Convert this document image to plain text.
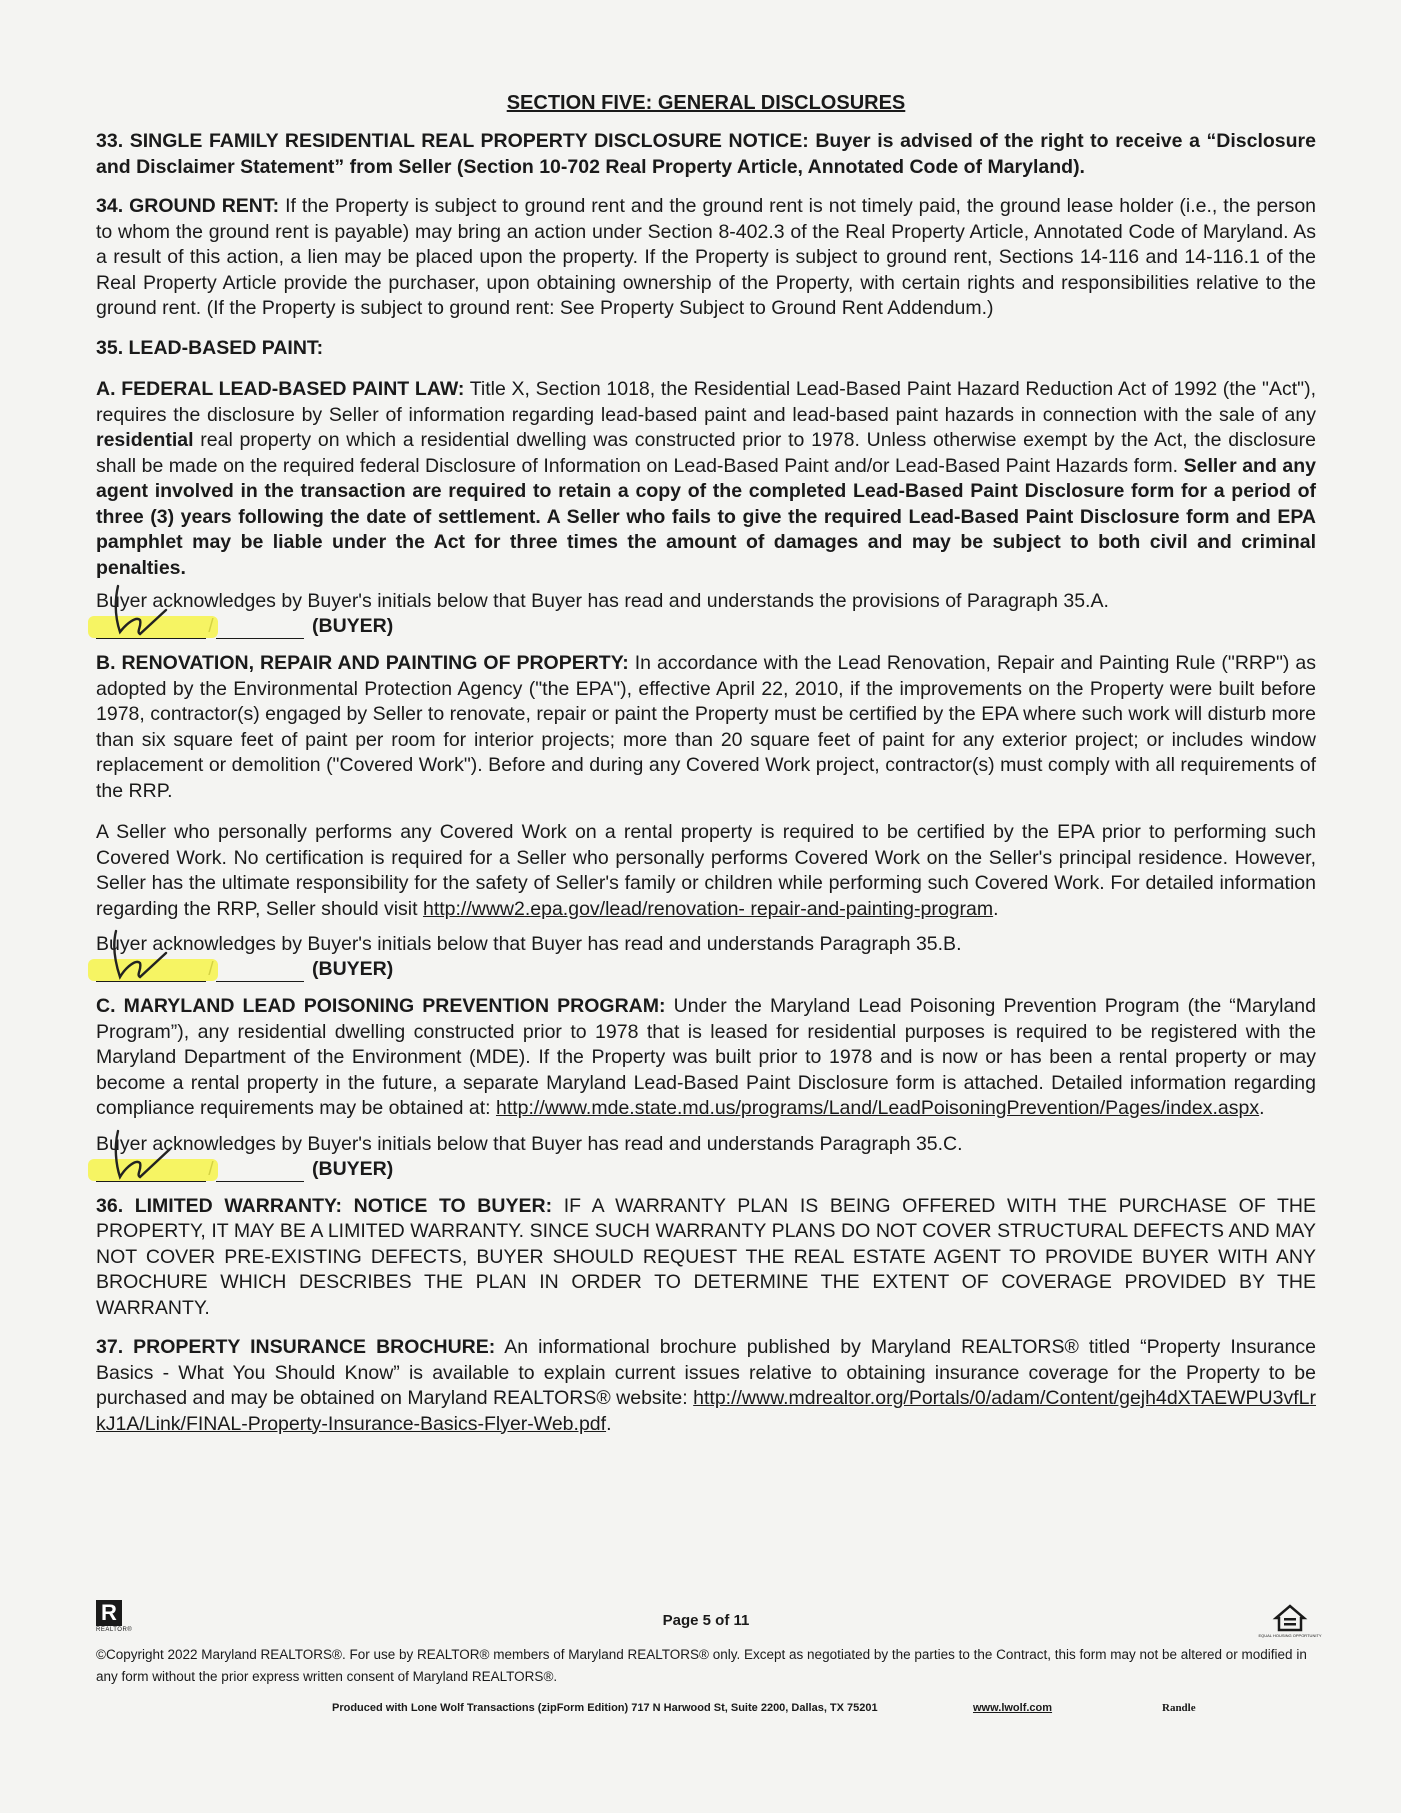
SECTION FIVE: GENERAL DISCLOSURES

33. SINGLE FAMILY RESIDENTIAL REAL PROPERTY DISCLOSURE NOTICE: Buyer is advised of the right to receive a “Disclosure and Disclaimer Statement” from Seller (Section 10-702 Real Property Article, Annotated Code of Maryland).

34. GROUND RENT: If the Property is subject to ground rent and the ground rent is not timely paid, the ground lease holder (i.e., the person to whom the ground rent is payable) may bring an action under Section 8-402.3 of the Real Property Article, Annotated Code of Maryland. As a result of this action, a lien may be placed upon the property. If the Property is subject to ground rent, Sections 14-116 and 14-116.1 of the Real Property Article provide the purchaser, upon obtaining ownership of the Property, with certain rights and responsibilities relative to the ground rent. (If the Property is subject to ground rent: See Property Subject to Ground Rent Addendum.)

35. LEAD-BASED PAINT:

A. FEDERAL LEAD-BASED PAINT LAW: Title X, Section 1018, the Residential Lead-Based Paint Hazard Reduction Act of 1992 (the "Act"), requires the disclosure by Seller of information regarding lead-based paint and lead-based paint hazards in connection with the sale of any residential real property on which a residential dwelling was constructed prior to 1978. Unless otherwise exempt by the Act, the disclosure shall be made on the required federal Disclosure of Information on Lead-Based Paint and/or Lead-Based Paint Hazards form. Seller and any agent involved in the transaction are required to retain a copy of the completed Lead-Based Paint Disclosure form for a period of three (3) years following the date of settlement. A Seller who fails to give the required Lead-Based Paint Disclosure form and EPA pamphlet may be liable under the Act for three times the amount of damages and may be subject to both civil and criminal penalties.

Buyer acknowledges by Buyer's initials below that Buyer has read and understands the provisions of Paragraph 35.A.
(BUYER)

B. RENOVATION, REPAIR AND PAINTING OF PROPERTY: In accordance with the Lead Renovation, Repair and Painting Rule ("RRP") as adopted by the Environmental Protection Agency ("the EPA"), effective April 22, 2010, if the improvements on the Property were built before 1978, contractor(s) engaged by Seller to renovate, repair or paint the Property must be certified by the EPA where such work will disturb more than six square feet of paint per room for interior projects; more than 20 square feet of paint for any exterior project; or includes window replacement or demolition ("Covered Work"). Before and during any Covered Work project, contractor(s) must comply with all requirements of the RRP.

A Seller who personally performs any Covered Work on a rental property is required to be certified by the EPA prior to performing such Covered Work. No certification is required for a Seller who personally performs Covered Work on the Seller's principal residence. However, Seller has the ultimate responsibility for the safety of Seller's family or children while performing such Covered Work. For detailed information regarding the RRP, Seller should visit http://www2.epa.gov/lead/renovation- repair-and-painting-program.

Buyer acknowledges by Buyer's initials below that Buyer has read and understands Paragraph 35.B.
(BUYER)

C. MARYLAND LEAD POISONING PREVENTION PROGRAM: Under the Maryland Lead Poisoning Prevention Program (the “Maryland Program”), any residential dwelling constructed prior to 1978 that is leased for residential purposes is required to be registered with the Maryland Department of the Environment (MDE). If the Property was built prior to 1978 and is now or has been a rental property or may become a rental property in the future, a separate Maryland Lead-Based Paint Disclosure form is attached. Detailed information regarding compliance requirements may be obtained at: http://www.mde.state.md.us/programs/Land/LeadPoisoningPrevention/Pages/index.aspx.

Buyer acknowledges by Buyer's initials below that Buyer has read and understands Paragraph 35.C.
(BUYER)

36. LIMITED WARRANTY: NOTICE TO BUYER: IF A WARRANTY PLAN IS BEING OFFERED WITH THE PURCHASE OF THE PROPERTY, IT MAY BE A LIMITED WARRANTY. SINCE SUCH WARRANTY PLANS DO NOT COVER STRUCTURAL DEFECTS AND MAY NOT COVER PRE-EXISTING DEFECTS, BUYER SHOULD REQUEST THE REAL ESTATE AGENT TO PROVIDE BUYER WITH ANY BROCHURE WHICH DESCRIBES THE PLAN IN ORDER TO DETERMINE THE EXTENT OF COVERAGE PROVIDED BY THE WARRANTY.

37. PROPERTY INSURANCE BROCHURE: An informational brochure published by Maryland REALTORS® titled “Property Insurance Basics - What You Should Know” is available to explain current issues relative to obtaining insurance coverage for the Property to be purchased and may be obtained on Maryland REALTORS® website: http://www.mdrealtor.org/Portals/0/adam/Content/gejh4dXTAEWPU3vfLrkJ1A/Link/FINAL-Property-Insurance-Basics-Flyer-Web.pdf.

R
REALTOR®
Page 5 of 11
EQUAL HOUSING OPPORTUNITY
©Copyright 2022 Maryland REALTORS®. For use by REALTOR® members of Maryland REALTORS® only. Except as negotiated by the parties to the Contract, this form may not be altered or modified in any form without the prior express written consent of Maryland REALTORS®.
Produced with Lone Wolf Transactions (zipForm Edition) 717 N Harwood St, Suite 2200, Dallas, TX 75201	www.lwolf.com	Randle
